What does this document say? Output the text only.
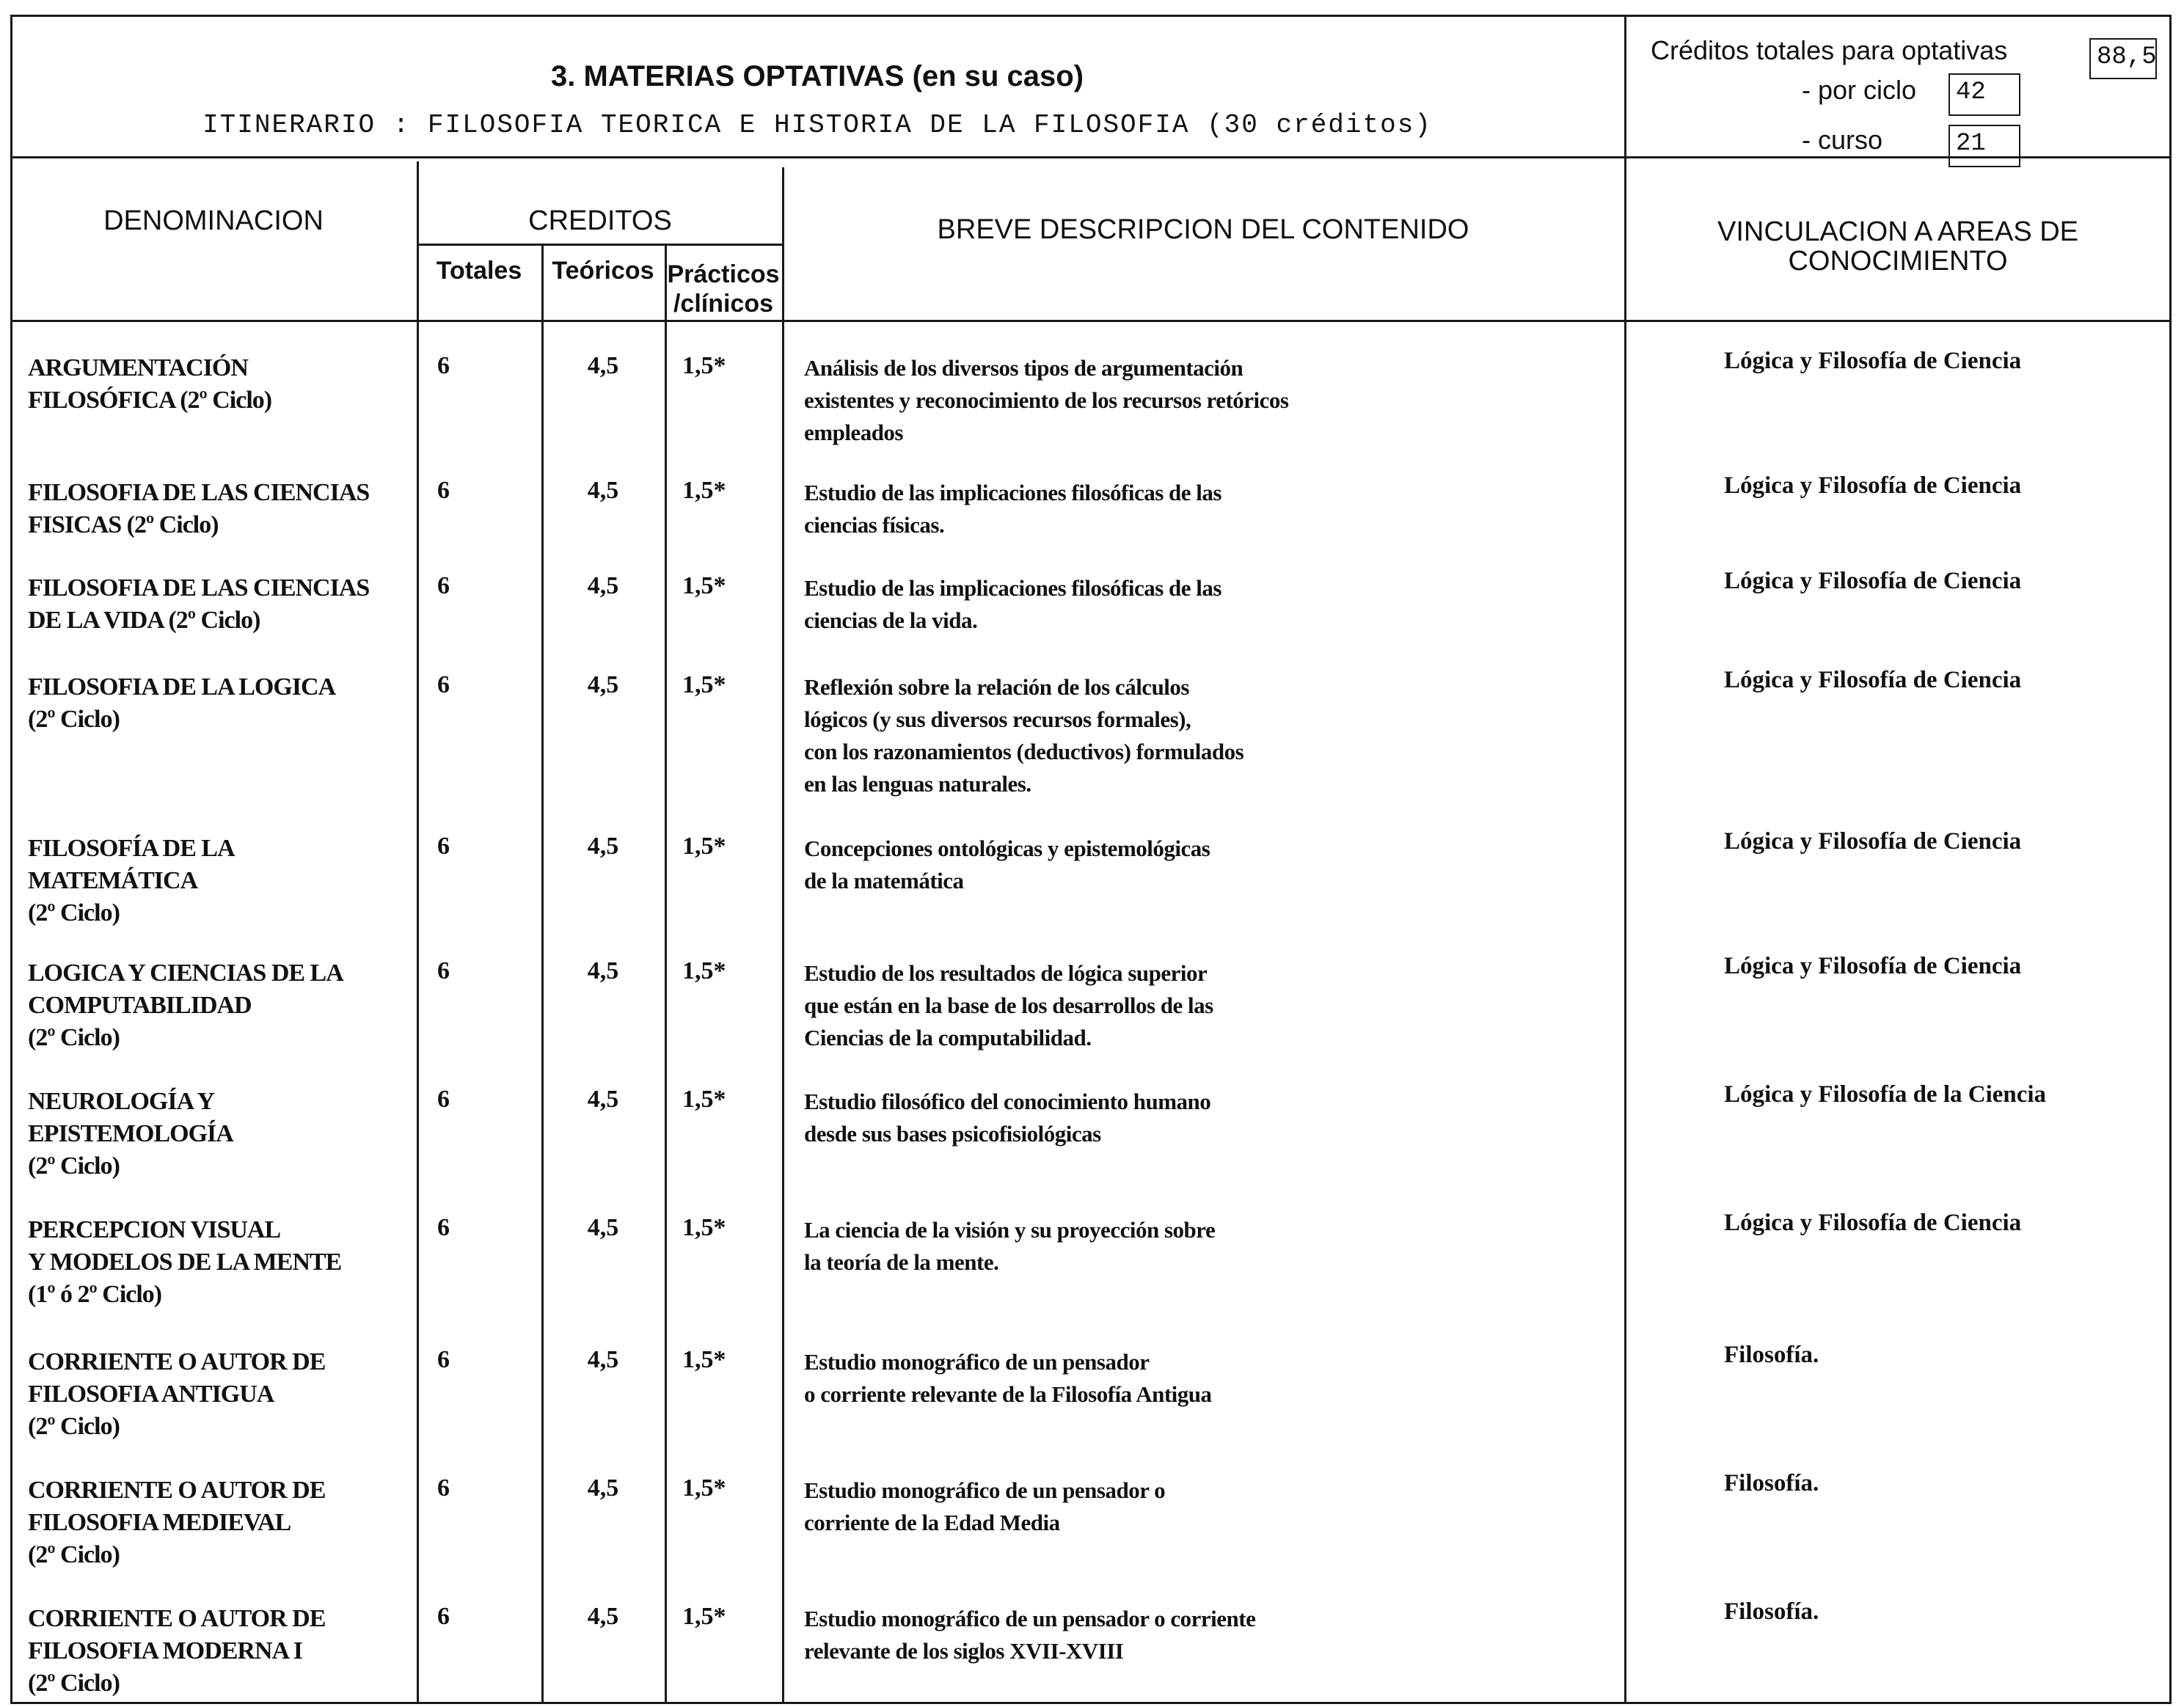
3. MATERIAS OPTATIVAS (en su caso)
ITINERARIO : FILOSOFIA TEORICA E HISTORIA DE LA FILOSOFIA (30 créditos)
Créditos totales para optativas	88,5
- por ciclo 42
- curso	21
DENOMINACION	CREDITOS
Totales	Teóricos Prácticos
/clínicos
BREVE DESCRIPCION DEL CONTENIDO	VINCULACION A AREAS DE
CONOCIMIENTO
ARGUMENTACIÓN
FILOSÓFICA (2º Ciclo)
6	4,5	1,5*	Análisis de los diversos tipos de argumentación
existentes y reconocimiento de los recursos retóricos
empleados
Lógica y Filosofía de Ciencia
FILOSOFIA DE LAS CIENCIAS
FISICAS (2º Ciclo)
6	4,5	1,5*	Estudio de las implicaciones filosóficas de las
ciencias físicas.
Lógica y Filosofía de Ciencia
FILOSOFIA DE LAS CIENCIAS
DE LA VIDA (2º Ciclo)
6	4,5	1,5*	Estudio de las implicaciones filosóficas de las
ciencias de la vida.
Lógica y Filosofía de Ciencia
FILOSOFIA DE LA LOGICA
(2º Ciclo)
6	4,5	1,5*	Reflexión sobre la relación de los cálculos
lógicos (y sus diversos recursos formales),
con los razonamientos (deductivos) formulados
en las lenguas naturales.
Lógica y Filosofía de Ciencia
FILOSOFÍA DE LA
MATEMÁTICA
(2º Ciclo)
6	4,5	1,5*	Concepciones ontológicas y epistemológicas
de la matemática
Lógica y Filosofía de Ciencia
LOGICA Y CIENCIAS DE LA
COMPUTABILIDAD
(2º Ciclo)
6	4,5	1,5*	Estudio de los resultados de lógica superior
que están en la base de los desarrollos de las
Ciencias de la computabilidad.
Lógica y Filosofía de Ciencia
NEUROLOGÍA Y
EPISTEMOLOGÍA
(2º Ciclo)
6	4,5	1,5*	Estudio filosófico del conocimiento humano
desde sus bases psicofisiológicas
Lógica y Filosofía de la Ciencia
PERCEPCION VISUAL
Y MODELOS DE LA MENTE
(1º ó 2º Ciclo)
6	4,5	1,5*	La ciencia de la visión y su proyección sobre
la teoría de la mente.
Lógica y Filosofía de Ciencia
CORRIENTE O AUTOR DE
FILOSOFIA ANTIGUA
(2º Ciclo)
6	4,5	1,5*	Estudio monográfico de un pensador
o corriente relevante de la Filosofía Antigua
Filosofía.
CORRIENTE O AUTOR DE
FILOSOFIA MEDIEVAL
(2º Ciclo)
6	4,5	1,5*	Estudio monográfico de un pensador o
corriente de la Edad Media
Filosofía.
CORRIENTE O AUTOR DE
FILOSOFIA MODERNA I
(2º Ciclo)
6	4,5	1,5*	Estudio monográfico de un pensador o corriente
relevante de los siglos XVII-XVIII
Filosofía.
